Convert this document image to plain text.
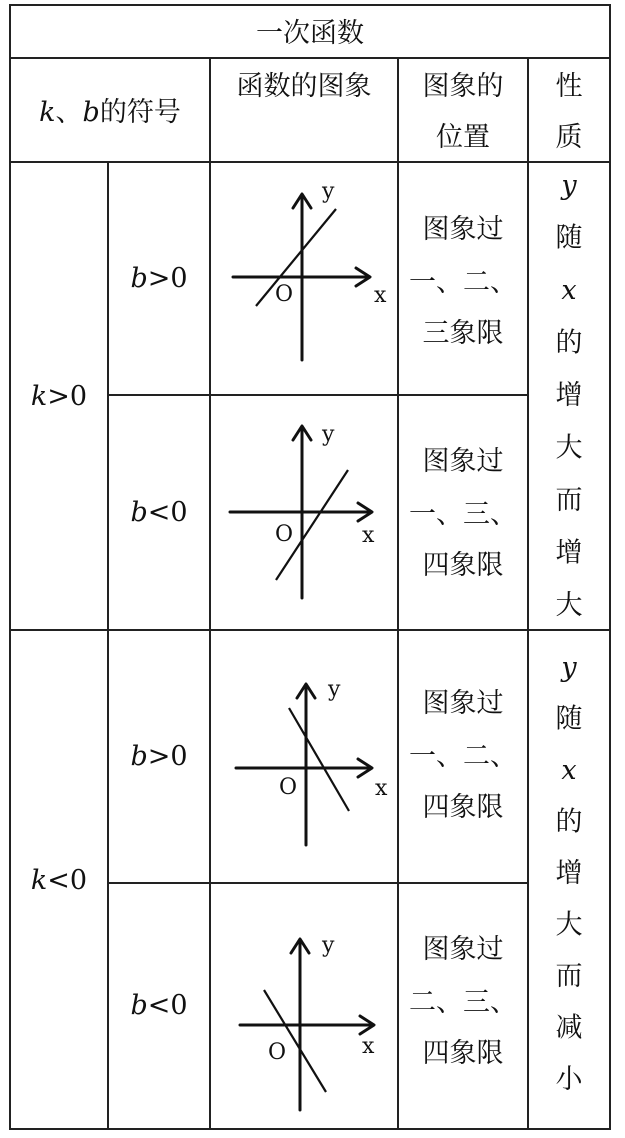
一次函数
k、b的符号
函数的图象 图象的
位置
性
质
k>0
k<0
b>0
b<0
b>0
b<0
图象过
一、二、
三象限
图象过
一、三、
四象限
图象过
一、二、
四象限
图象过
二、三、
四象限
y
随
x
的
增
大
而
增
大
y
随
x
的
增
大
而
减
小
y
x
O
y
x
O
y
x
O
y
x
O
